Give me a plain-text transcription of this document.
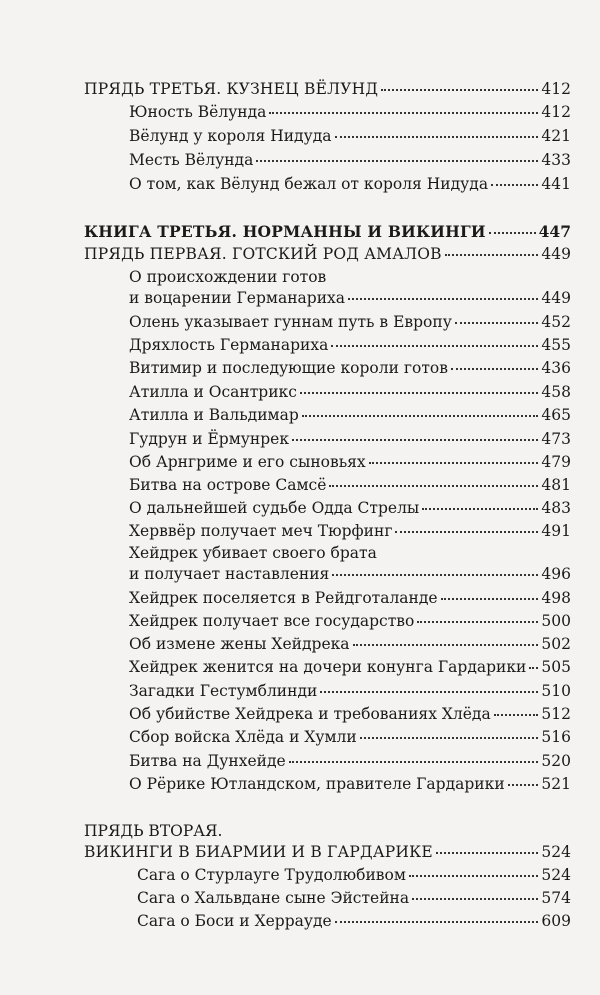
ПРЯДЬ ТРЕТЬЯ. КУЗНЕЦ ВЁЛУНД	412
Юность Вёлунда	412
Вёлунд у короля Нидуда	421
Месть Вёлунда	433
О том, как Вёлунд бежал от короля Нидуда	441
КНИГА ТРЕТЬЯ. НОРМАННЫ И ВИКИНГИ	447
ПРЯДЬ ПЕРВАЯ. ГОТСКИЙ РОД АМАЛОВ	449
О происхождении готов
и воцарении Германариха	449
Олень указывает гуннам путь в Европу	452
Дряхлость Германариха	455
Витимир и последующие короли готов	436
Атилла и Осантрикс	458
Атилла и Вальдимар	465
Гудрун и Ёрмунрек	473
Об Арнгриме и его сыновьях	479
Битва на острове Самсё	481
О дальнейшей судьбе Одда Стрелы	483
Херввёр получает меч Тюрфинг	491
Хейдрек убивает своего брата
и получает наставления	496
Хейдрек поселяется в Рейдготаланде	498
Хейдрек получает все государство	500
Об измене жены Хейдрека	502
Хейдрек женится на дочери конунга Гардарики 505
Загадки Гестумблинди	510
Об убийстве Хейдрека и требованиях Хлёда	512
Сбор войска Хлёда и Хумли	516
Битва на Дунхейде	520
О Рёрике Ютландском, правителе Гардарики 521
ПРЯДЬ ВТОРАЯ.
ВИКИНГИ В БИАРМИИ И В ГАРДАРИКЕ	524
Сага о Стурлауге Трудолюбивом	524
Сага о Хальвдане сыне Эйстейна	574
Сага о Боси и Херрауде	609
